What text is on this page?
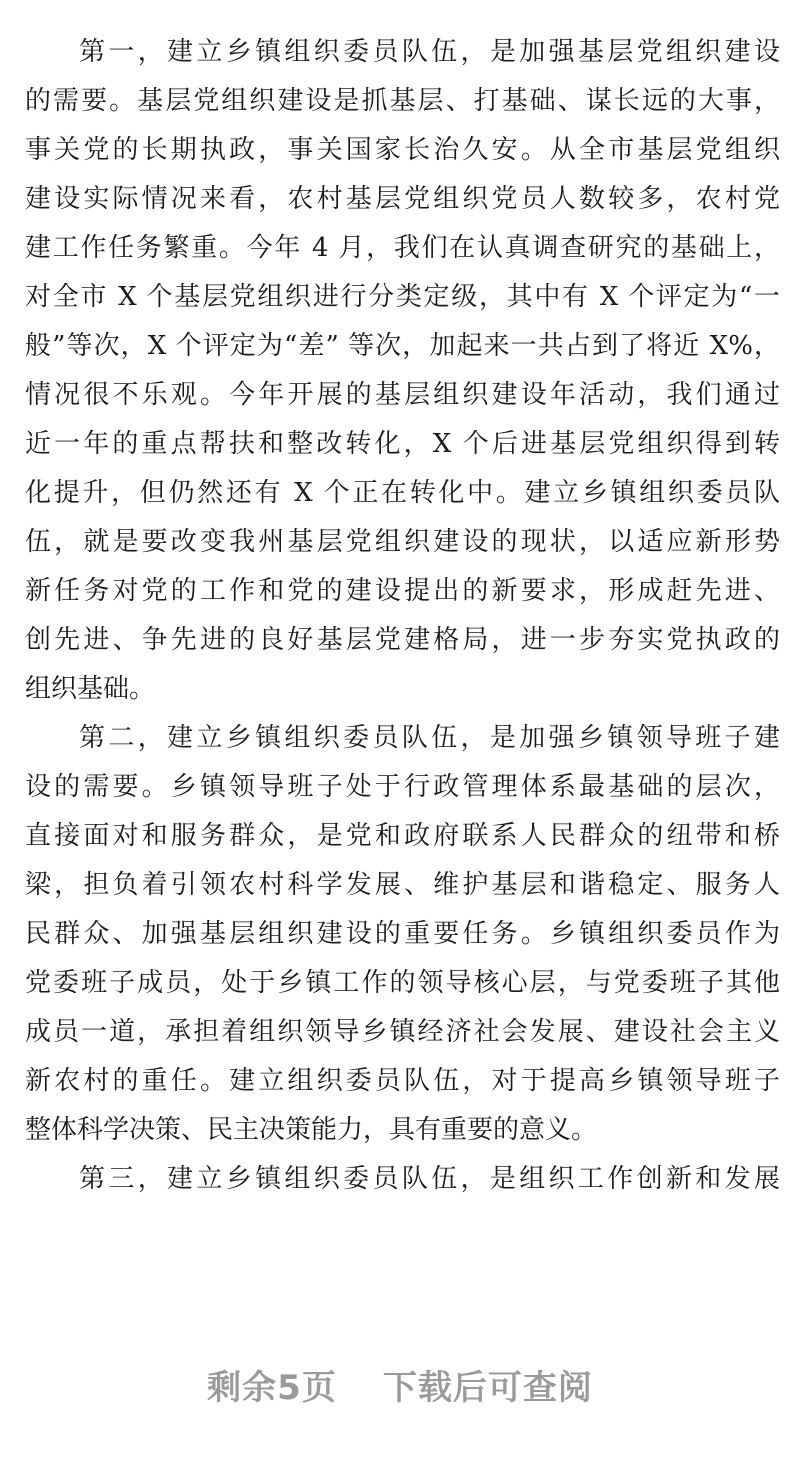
第一，建立乡镇组织委员队伍，是加强基层党组织建设
的需要。基层党组织建设是抓基层、打基础、谋长远的大事，
事关党的长期执政，事关国家长治久安。从全市基层党组织
建设实际情况来看，农村基层党组织党员人数较多，农村党
建工作任务繁重。今年 4 月，我们在认真调查研究的基础上，
对全市 X 个基层党组织进行分类定级，其中有 X 个评定为“一
般”等次，X 个评定为“差” 等次，加起来一共占到了将近 X%，
情况很不乐观。今年开展的基层组织建设年活动，我们通过
近一年的重点帮扶和整改转化，X 个后进基层党组织得到转
化提升，但仍然还有 X 个正在转化中。建立乡镇组织委员队
伍，就是要改变我州基层党组织建设的现状，以适应新形势
新任务对党的工作和党的建设提出的新要求，形成赶先进、
创先进、争先进的良好基层党建格局，进一步夯实党执政的
组织基础。
第二，建立乡镇组织委员队伍，是加强乡镇领导班子建
设的需要。乡镇领导班子处于行政管理体系最基础的层次，
直接面对和服务群众，是党和政府联系人民群众的纽带和桥
梁，担负着引领农村科学发展、维护基层和谐稳定、服务人
民群众、加强基层组织建设的重要任务。乡镇组织委员作为
党委班子成员，处于乡镇工作的领导核心层，与党委班子其他
成员一道，承担着组织领导乡镇经济社会发展、建设社会主义
新农村的重任。建立组织委员队伍，对于提高乡镇领导班子
整体科学决策、民主决策能力，具有重要的意义。
第三，建立乡镇组织委员队伍，是组织工作创新和发展
剩余5页 下载后可查阅
